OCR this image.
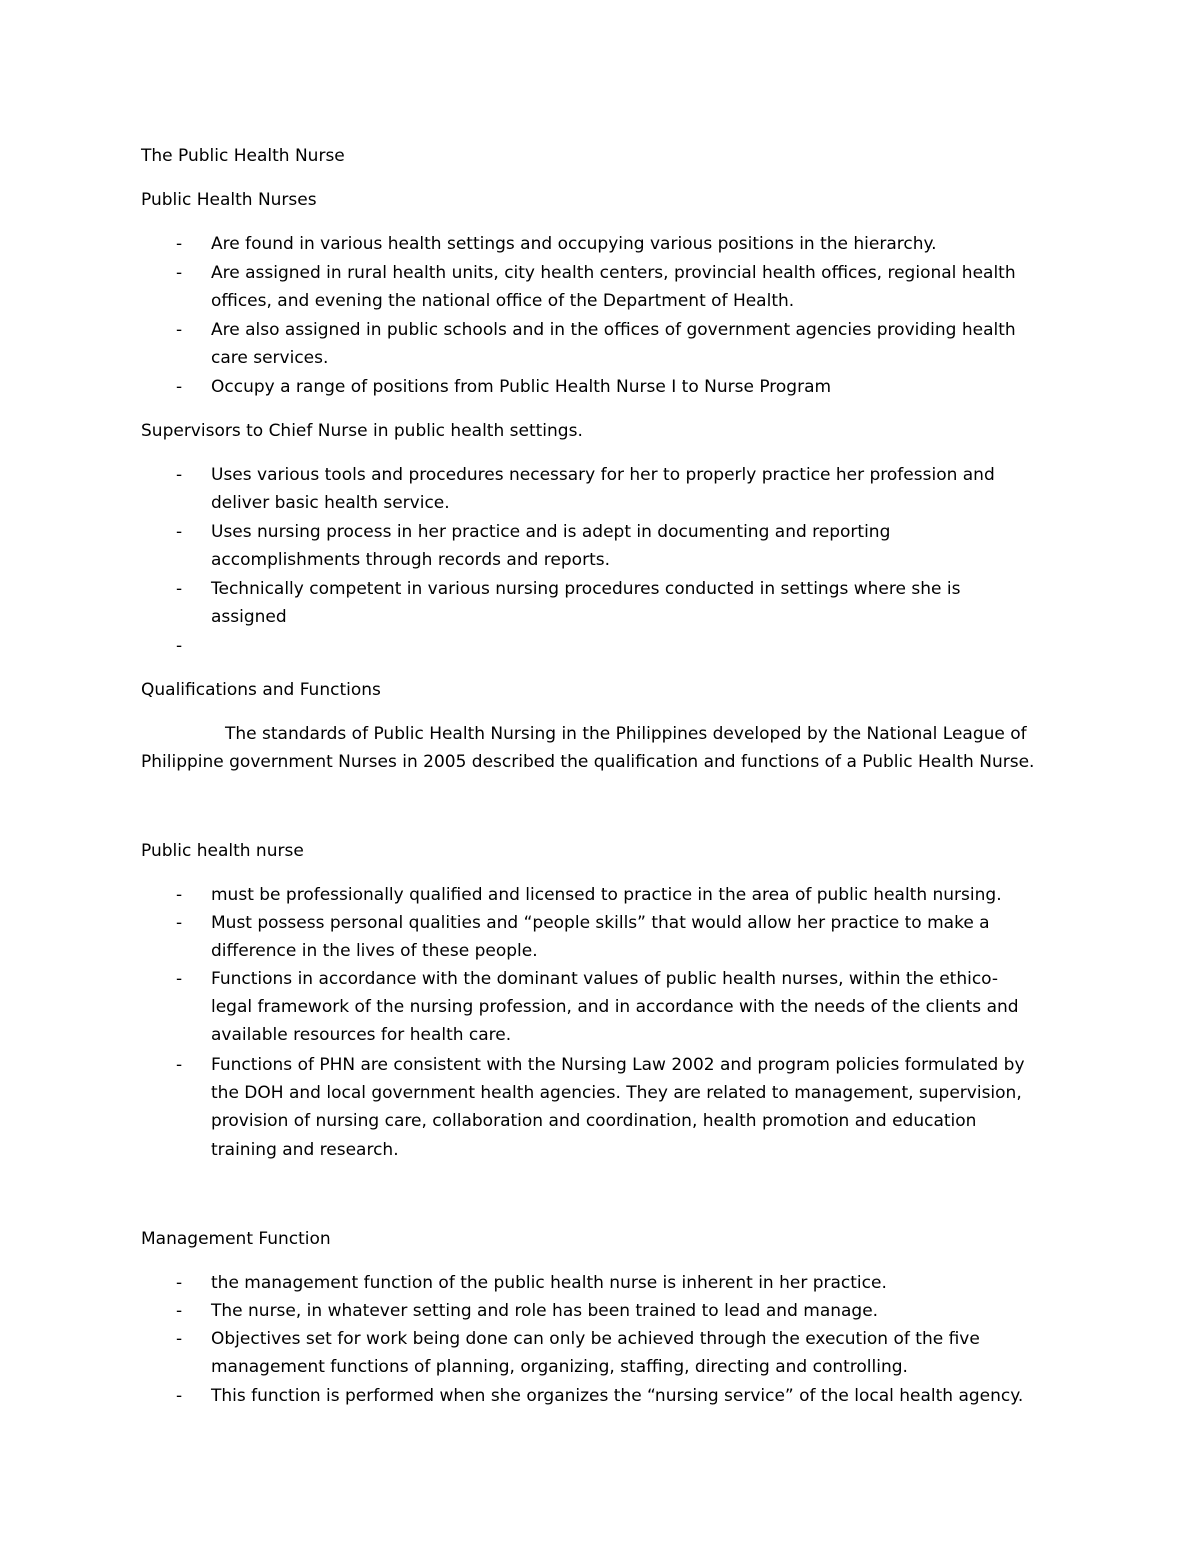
The Public Health Nurse
Public Health Nurses
- Are found in various health settings and occupying various positions in the hierarchy.
- Are assigned in rural health units, city health centers, provincial health offices, regional health
offices, and evening the national office of the Department of Health.
- Are also assigned in public schools and in the offices of government agencies providing health
care services.
- Occupy a range of positions from Public Health Nurse I to Nurse Program
Supervisors to Chief Nurse in public health settings.
- Uses various tools and procedures necessary for her to properly practice her profession and
deliver basic health service.
- Uses nursing process in her practice and is adept in documenting and reporting
accomplishments through records and reports.
- Technically competent in various nursing procedures conducted in settings where she is
assigned
-
Qualifications and Functions
The standards of Public Health Nursing in the Philippines developed by the National League of
Philippine government Nurses in 2005 described the qualification and functions of a Public Health Nurse.
Public health nurse
- must be professionally qualified and licensed to practice in the area of public health nursing.
- Must possess personal qualities and “people skills” that would allow her practice to make a
difference in the lives of these people.
- Functions in accordance with the dominant values of public health nurses, within the ethico-
legal framework of the nursing profession, and in accordance with the needs of the clients and
available resources for health care.
- Functions of PHN are consistent with the Nursing Law 2002 and program policies formulated by
the DOH and local government health agencies. They are related to management, supervision,
provision of nursing care, collaboration and coordination, health promotion and education
training and research.
Management Function
- the management function of the public health nurse is inherent in her practice.
- The nurse, in whatever setting and role has been trained to lead and manage.
- Objectives set for work being done can only be achieved through the execution of the five
management functions of planning, organizing, staffing, directing and controlling.
- This function is performed when she organizes the “nursing service” of the local health agency.
